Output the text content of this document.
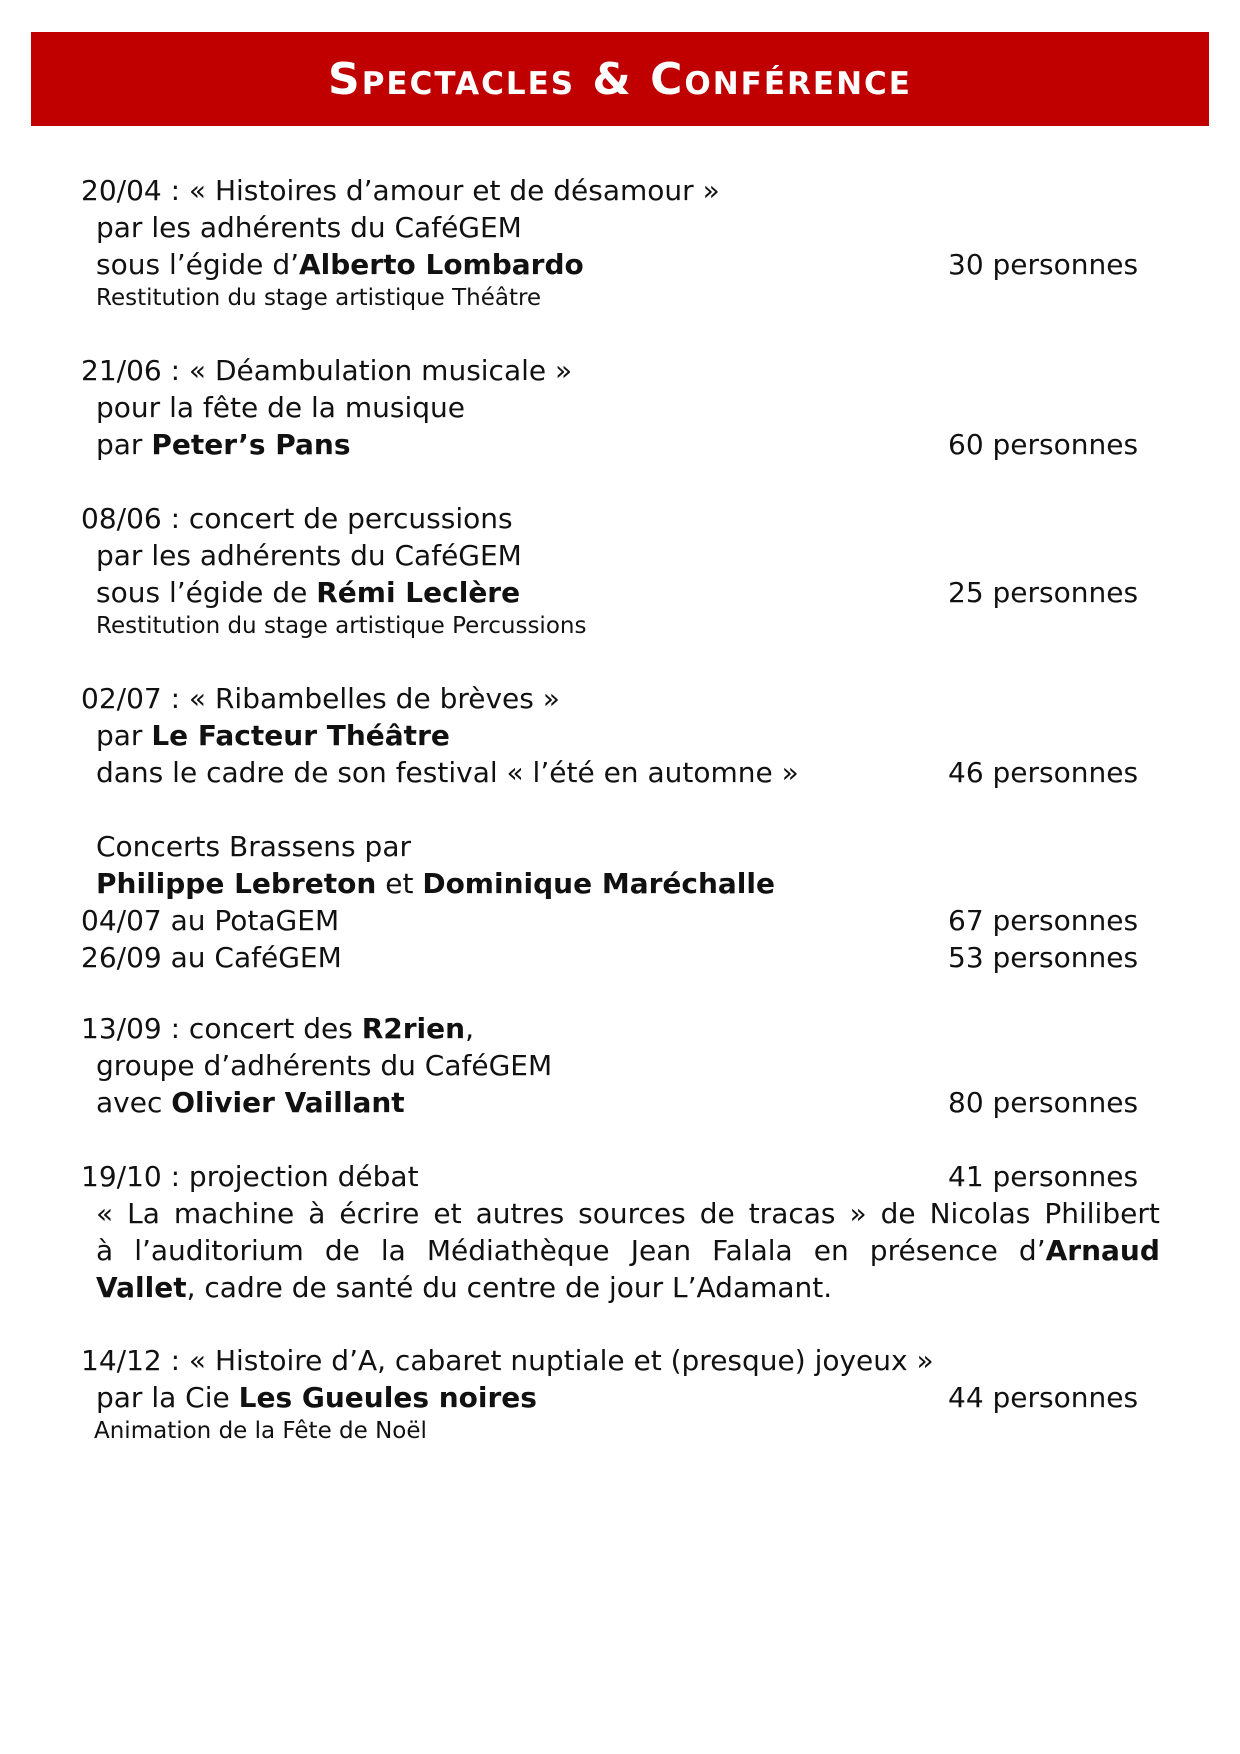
Spectacles & Conférence
20/04 : « Histoires d’amour et de désamour »
par les adhérents du CaféGEM
sous l’égide d’Alberto Lombardo	30 personnes
Restitution du stage artistique Théâtre
21/06 : « Déambulation musicale »
pour la fête de la musique
par Peter’s Pans	60 personnes
08/06 : concert de percussions
par les adhérents du CaféGEM
sous l’égide de Rémi Leclère	25 personnes
Restitution du stage artistique Percussions
02/07 : « Ribambelles de brèves »
par Le Facteur Théâtre
dans le cadre de son festival « l’été en automne »	46 personnes
Concerts Brassens par
Philippe Lebreton et Dominique Maréchalle
04/07 au PotaGEM	67 personnes
26/09 au CaféGEM	53 personnes
13/09 : concert des R2rien,
groupe d’adhérents du CaféGEM
avec Olivier Vaillant	80 personnes
19/10 : projection débat	41 personnes
« La machine à écrire et autres sources de tracas » de Nicolas Philibert
à l’auditorium de la Médiathèque Jean Falala en présence d’Arnaud
Vallet, cadre de santé du centre de jour L’Adamant.
14/12 : « Histoire d’A, cabaret nuptiale et (presque) joyeux »
par la Cie Les Gueules noires	44 personnes
Animation de la Fête de Noël
